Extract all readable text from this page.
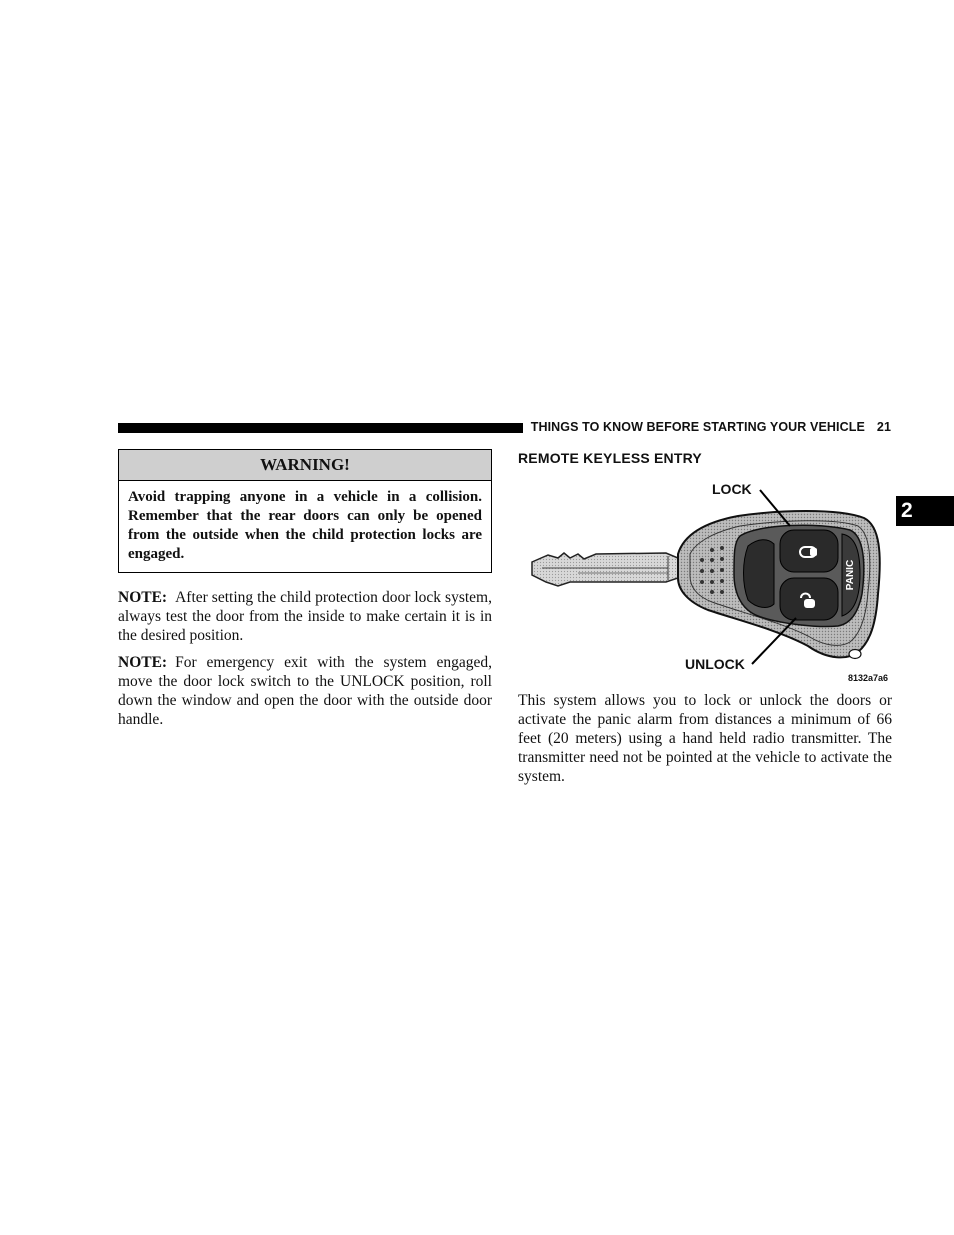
THINGS TO KNOW BEFORE STARTING YOUR VEHICLE 21
2
WARNING!
Avoid trapping anyone in a vehicle in a collision. Remember that the rear doors can only be opened from the outside when the child protection locks are engaged.
NOTE: After setting the child protection door lock system, always test the door from the inside to make certain it is in the desired position.
NOTE: For emergency exit with the system engaged, move the door lock switch to the UNLOCK position, roll down the window and open the door with the outside door handle.
REMOTE KEYLESS ENTRY
PANIC
LOCK
UNLOCK
8132a7a6
This system allows you to lock or unlock the doors or activate the panic alarm from distances a minimum of 66 feet (20 meters) using a hand held radio transmitter. The transmitter need not be pointed at the vehicle to activate the system.
